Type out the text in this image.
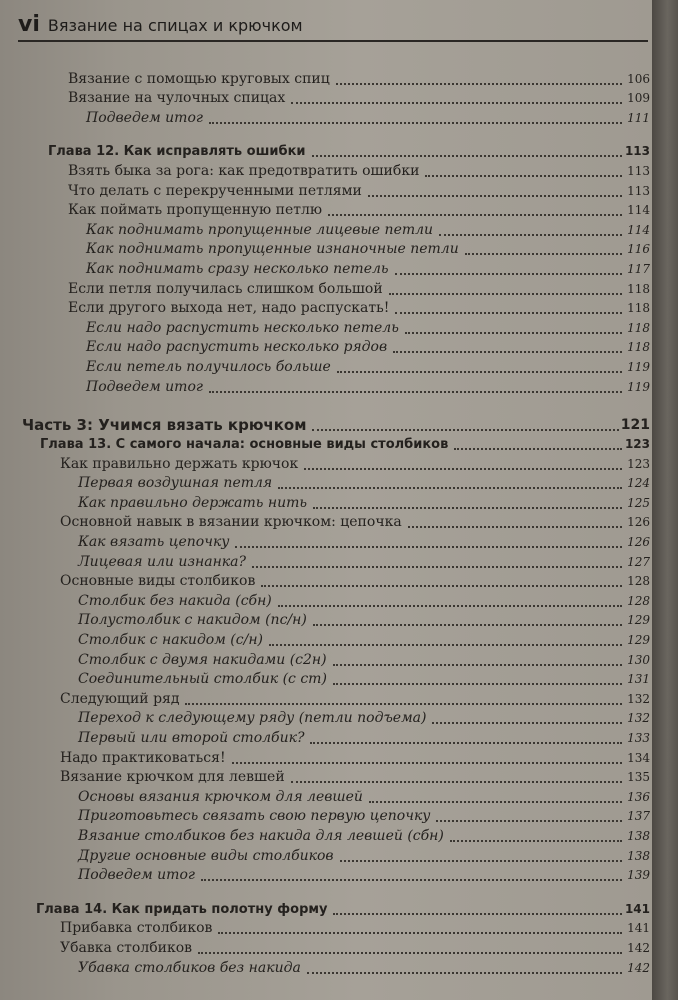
vi Вязание на спицах и крючком
Вязание с помощью круговых спиц	106
Вязание на чулочных спицах	109
Подведем итог	111
Глава 12. Как исправлять ошибки	113
Взять быка за рога: как предотвратить ошибки	113
Что делать с перекрученными петлями	113
Как поймать пропущенную петлю	114
Как поднимать пропущенные лицевые петли	114
Как поднимать пропущенные изнаночные петли	116
Как поднимать сразу несколько петель	117
Если петля получилась слишком большой	118
Если другого выхода нет, надо распускать!	118
Если надо распустить несколько петель	118
Если надо распустить несколько рядов	118
Если петель получилось больше	119
Подведем итог	119
Часть 3: Учимся вязать крючком	121
Глава 13. С самого начала: основные виды столбиков	123
Как правильно держать крючок	123
Первая воздушная петля	124
Как правильно держать нить	125
Основной навык в вязании крючком: цепочка	126
Как вязать цепочку	126
Лицевая или изнанка?	127
Основные виды столбиков	128
Столбик без накида (сбн)	128
Полустолбик с накидом (пс/н)	129
Столбик с накидом (с/н)	129
Столбик с двумя накидами (с2н)	130
Соединительный столбик (с ст)	131
Следующий ряд	132
Переход к следующему ряду (петли подъема)	132
Первый или второй столбик?	133
Надо практиковаться!	134
Вязание крючком для левшей	135
Основы вязания крючком для левшей	136
Приготовьтесь связать свою первую цепочку	137
Вязание столбиков без накида для левшей (сбн)	138
Другие основные виды столбиков	138
Подведем итог	139
Глава 14. Как придать полотну форму	141
Прибавка столбиков	141
Убавка столбиков	142
Убавка столбиков без накида	142
